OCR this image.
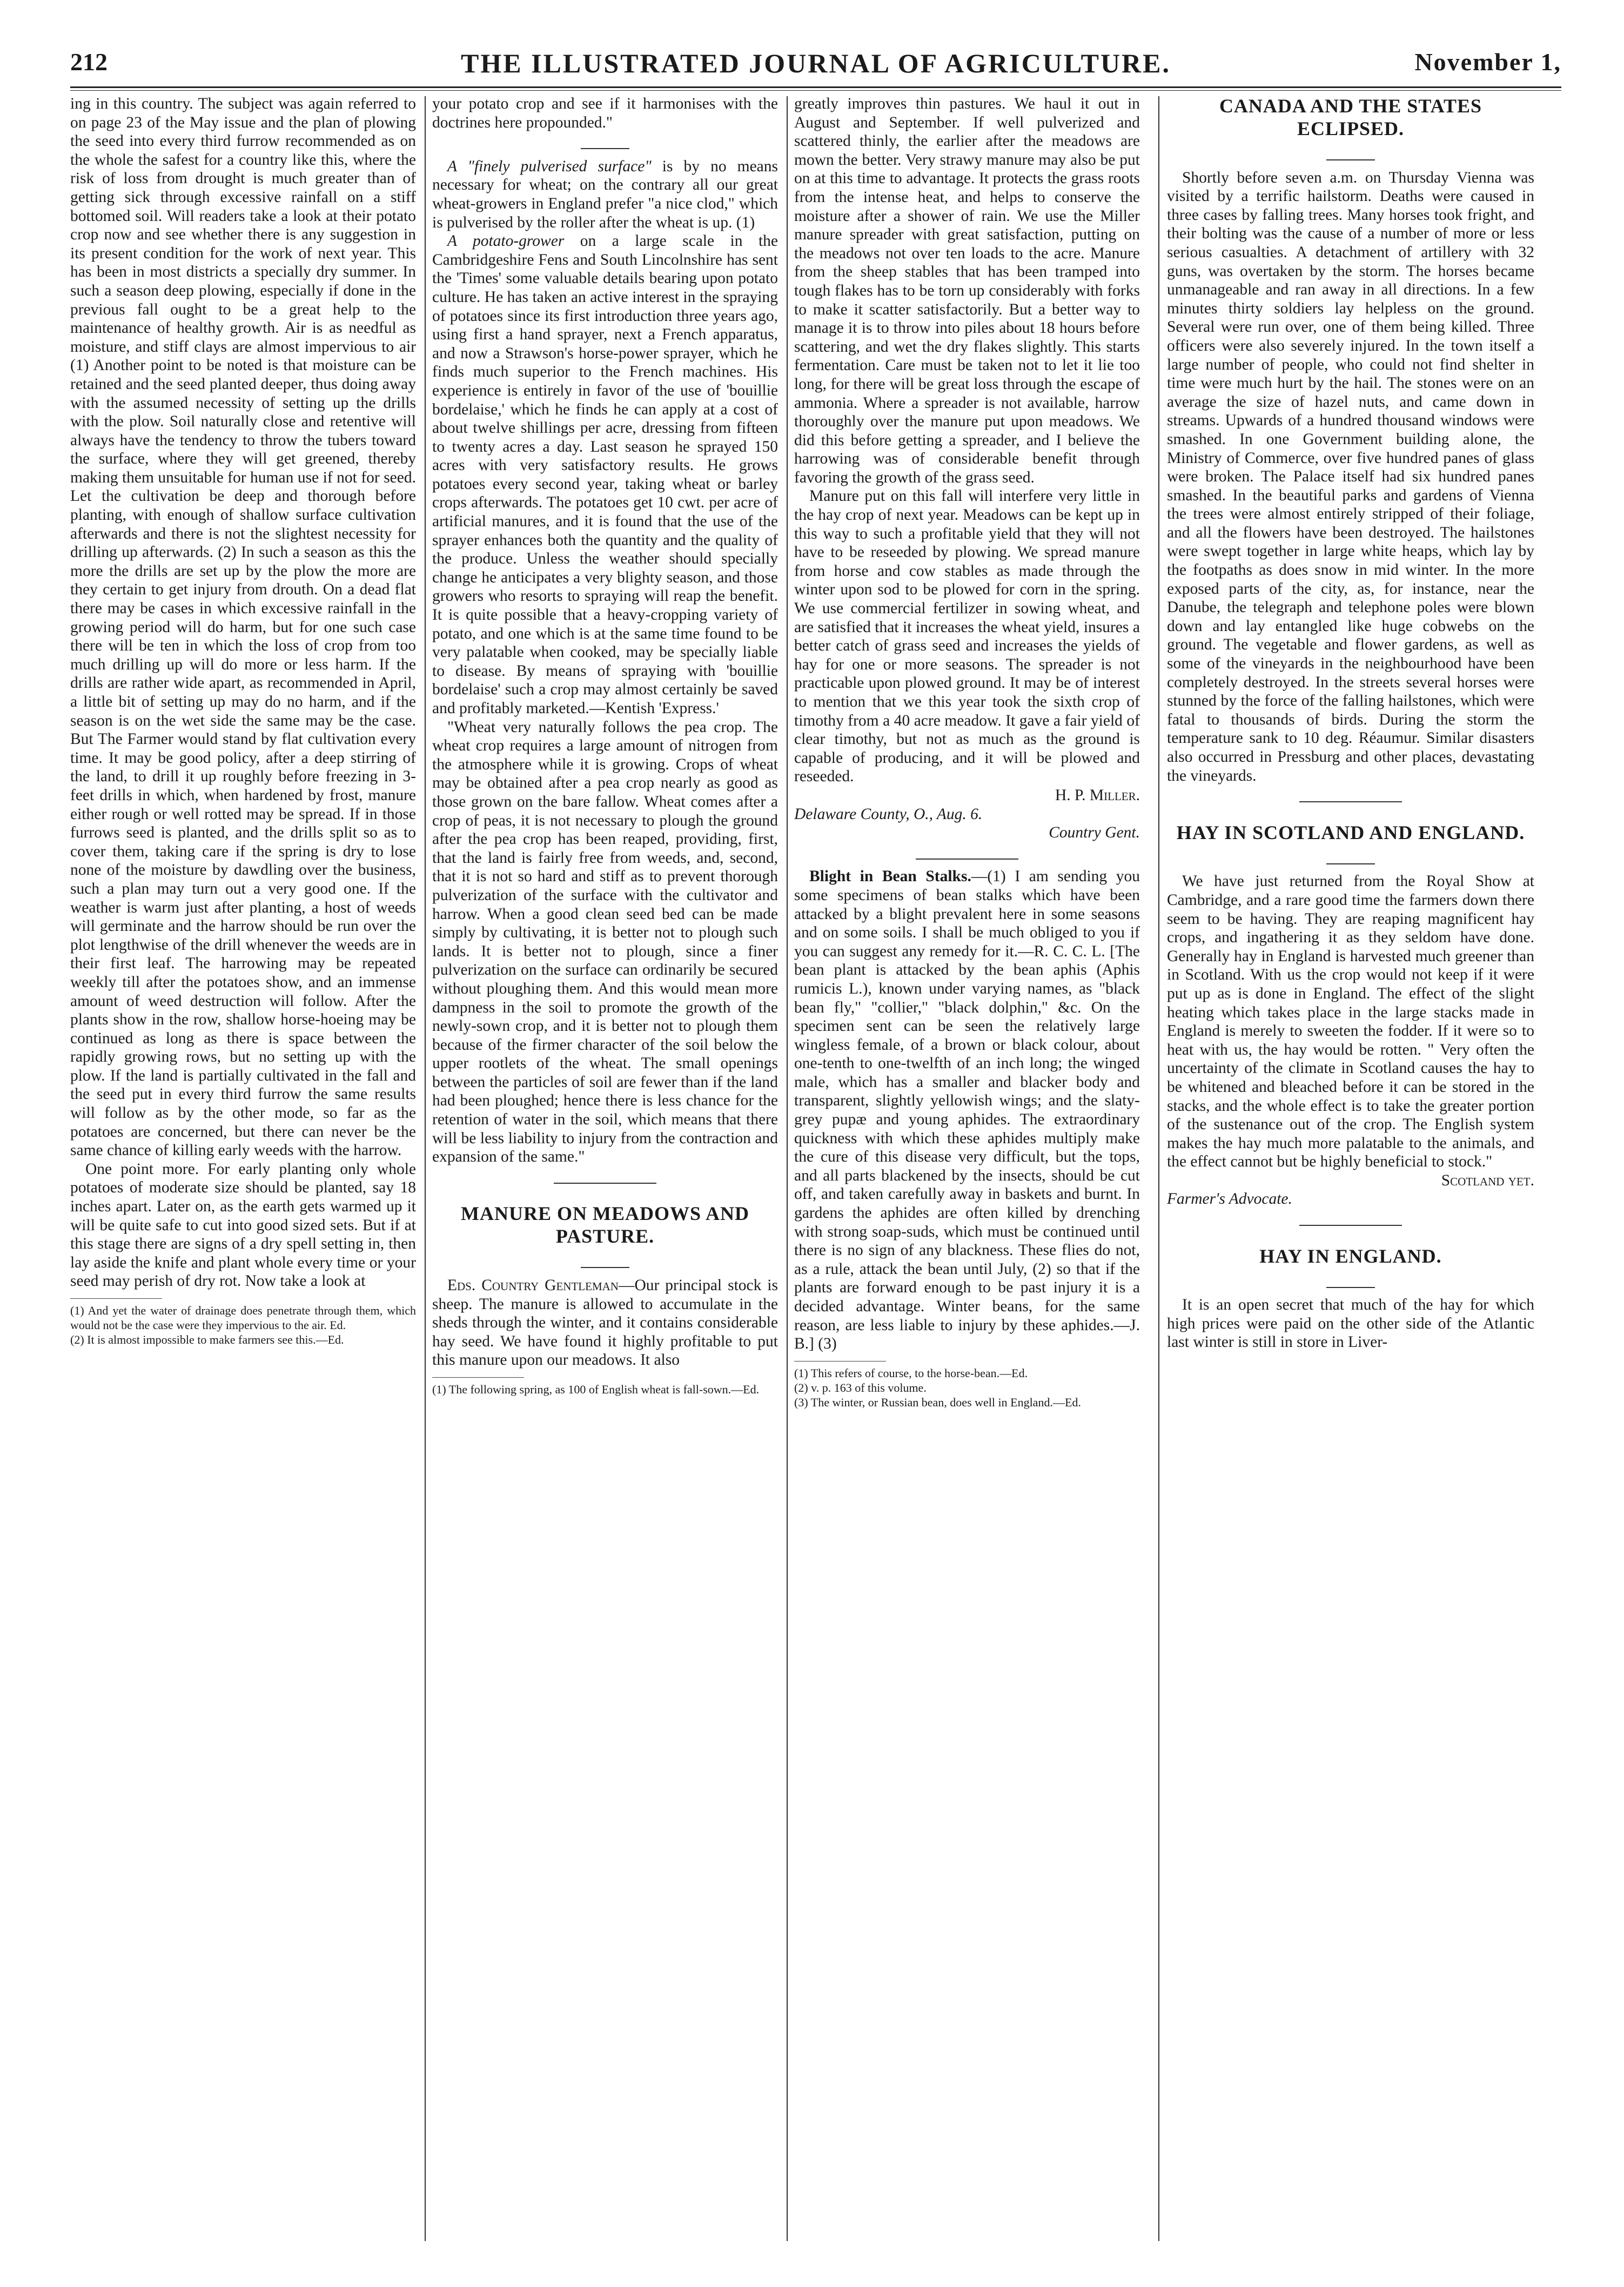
212	THE ILLUSTRATED JOURNAL OF AGRICULTURE.	November 1,

ing in this country. The subject was again referred to on page 23 of the May issue and the plan of plowing the seed into every third furrow recommended as on the whole the safest for a country like this, where the risk of loss from drought is much greater than of getting sick through excessive rainfall on a stiff bottomed soil. Will readers take a look at their potato crop now and see whether there is any suggestion in its present condition for the work of next year. This has been in most districts a specially dry summer. In such a season deep plowing, especially if done in the previous fall ought to be a great help to the maintenance of healthy growth. Air is as needful as moisture, and stiff clays are almost impervious to air (1) Another point to be noted is that moisture can be retained and the seed planted deeper, thus doing away with the assumed necessity of setting up the drills with the plow. Soil naturally close and retentive will always have the tendency to throw the tubers toward the surface, where they will get greened, thereby making them unsuitable for human use if not for seed. Let the cultivation be deep and thorough before planting, with enough of shallow surface cultivation afterwards and there is not the slightest necessity for drilling up afterwards. (2) In such a season as this the more the drills are set up by the plow the more are they certain to get injury from drouth. On a dead flat there may be cases in which excessive rainfall in the growing period will do harm, but for one such case there will be ten in which the loss of crop from too much drilling up will do more or less harm. If the drills are rather wide apart, as recommended in April, a little bit of setting up may do no harm, and if the season is on the wet side the same may be the case. But The Farmer would stand by flat cultivation every time. It may be good policy, after a deep stirring of the land, to drill it up roughly before freezing in 3-feet drills in which, when hardened by frost, manure either rough or well rotted may be spread. If in those furrows seed is planted, and the drills split so as to cover them, taking care if the spring is dry to lose none of the moisture by dawdling over the business, such a plan may turn out a very good one. If the weather is warm just after planting, a host of weeds will germinate and the harrow should be run over the plot lengthwise of the drill whenever the weeds are in their first leaf. The harrowing may be repeated weekly till after the potatoes show, and an immense amount of weed destruction will follow. After the plants show in the row, shallow horse-hoeing may be continued as long as there is space between the rapidly growing rows, but no setting up with the plow. If the land is partially cultivated in the fall and the seed put in every third furrow the same results will follow as by the other mode, so far as the potatoes are concerned, but there can never be the same chance of killing early weeds with the harrow.

One point more. For early planting only whole potatoes of moderate size should be planted, say 18 inches apart. Later on, as the earth gets warmed up it will be quite safe to cut into good sized sets. But if at this stage there are signs of a dry spell setting in, then lay aside the knife and plant whole every time or your seed may perish of dry rot. Now take a look at

(1) And yet the water of drainage does penetrate through them, which would not be the case were they impervious to the air. Ed.

(2) It is almost impossible to make farmers see this.—Ed.

your potato crop and see if it harmonises with the doctrines here propounded."

A "finely pulverised surface" is by no means necessary for wheat; on the contrary all our great wheat-growers in England prefer "a nice clod," which is pulverised by the roller after the wheat is up. (1)

A potato-grower on a large scale in the Cambridgeshire Fens and South Lincolnshire has sent the 'Times' some valuable details bearing upon potato culture. He has taken an active interest in the spraying of potatoes since its first introduction three years ago, using first a hand sprayer, next a French apparatus, and now a Strawson's horse-power sprayer, which he finds much superior to the French machines. His experience is entirely in favor of the use of 'bouillie bordelaise,' which he finds he can apply at a cost of about twelve shillings per acre, dressing from fifteen to twenty acres a day. Last season he sprayed 150 acres with very satisfactory results. He grows potatoes every second year, taking wheat or barley crops afterwards. The potatoes get 10 cwt. per acre of artificial manures, and it is found that the use of the sprayer enhances both the quantity and the quality of the produce. Unless the weather should specially change he anticipates a very blighty season, and those growers who resorts to spraying will reap the benefit. It is quite possible that a heavy-cropping variety of potato, and one which is at the same time found to be very palatable when cooked, may be specially liable to disease. By means of spraying with 'bouillie bordelaise' such a crop may almost certainly be saved and profitably marketed.—Kentish 'Express.'

"Wheat very naturally follows the pea crop. The wheat crop requires a large amount of nitrogen from the atmosphere while it is growing. Crops of wheat may be obtained after a pea crop nearly as good as those grown on the bare fallow. Wheat comes after a crop of peas, it is not necessary to plough the ground after the pea crop has been reaped, providing, first, that the land is fairly free from weeds, and, second, that it is not so hard and stiff as to prevent thorough pulverization of the surface with the cultivator and harrow. When a good clean seed bed can be made simply by cultivating, it is better not to plough such lands. It is better not to plough, since a finer pulverization on the surface can ordinarily be secured without ploughing them. And this would mean more dampness in the soil to promote the growth of the newly-sown crop, and it is better not to plough them because of the firmer character of the soil below the upper rootlets of the wheat. The small openings between the particles of soil are fewer than if the land had been ploughed; hence there is less chance for the retention of water in the soil, which means that there will be less liability to injury from the contraction and expansion of the same."

MANURE ON MEADOWS AND PASTURE.

Eds. Country Gentleman—Our principal stock is sheep. The manure is allowed to accumulate in the sheds through the winter, and it contains considerable hay seed. We have found it highly profitable to put this manure upon our meadows. It also

(1) The following spring, as 100 of English wheat is fall-sown.—Ed.

greatly improves thin pastures. We haul it out in August and September. If well pulverized and scattered thinly, the earlier after the meadows are mown the better. Very strawy manure may also be put on at this time to advantage. It protects the grass roots from the intense heat, and helps to conserve the moisture after a shower of rain. We use the Miller manure spreader with great satisfaction, putting on the meadows not over ten loads to the acre. Manure from the sheep stables that has been tramped into tough flakes has to be torn up considerably with forks to make it scatter satisfactorily. But a better way to manage it is to throw into piles about 18 hours before scattering, and wet the dry flakes slightly. This starts fermentation. Care must be taken not to let it lie too long, for there will be great loss through the escape of ammonia. Where a spreader is not available, harrow thoroughly over the manure put upon meadows. We did this before getting a spreader, and I believe the harrowing was of considerable benefit through favoring the growth of the grass seed.

Manure put on this fall will interfere very little in the hay crop of next year. Meadows can be kept up in this way to such a profitable yield that they will not have to be reseeded by plowing. We spread manure from horse and cow stables as made through the winter upon sod to be plowed for corn in the spring. We use commercial fertilizer in sowing wheat, and are satisfied that it increases the wheat yield, insures a better catch of grass seed and increases the yields of hay for one or more seasons. The spreader is not practicable upon plowed ground. It may be of interest to mention that we this year took the sixth crop of timothy from a 40 acre meadow. It gave a fair yield of clear timothy, but not as much as the ground is capable of producing, and it will be plowed and reseeded.

H. P. Miller.

Delaware County, O., Aug. 6.

Country Gent.

Blight in Bean Stalks.—(1) I am sending you some specimens of bean stalks which have been attacked by a blight prevalent here in some seasons and on some soils. I shall be much obliged to you if you can suggest any remedy for it.—R. C. C. L. [The bean plant is attacked by the bean aphis (Aphis rumicis L.), known under varying names, as "black bean fly," "collier," "black dolphin," &c. On the specimen sent can be seen the relatively large wingless female, of a brown or black colour, about one-tenth to one-twelfth of an inch long; the winged male, which has a smaller and blacker body and transparent, slightly yellowish wings; and the slaty-grey pupæ and young aphides. The extraordinary quickness with which these aphides multiply make the cure of this disease very difficult, but the tops, and all parts blackened by the insects, should be cut off, and taken carefully away in baskets and burnt. In gardens the aphides are often killed by drenching with strong soap-suds, which must be continued until there is no sign of any blackness. These flies do not, as a rule, attack the bean until July, (2) so that if the plants are forward enough to be past injury it is a decided advantage. Winter beans, for the same reason, are less liable to injury by these aphides.—J. B.] (3)

(1) This refers of course, to the horse-bean.—Ed.

(2) v. p. 163 of this volume.

(3) The winter, or Russian bean, does well in England.—Ed.

CANADA AND THE STATES ECLIPSED.

Shortly before seven a.m. on Thursday Vienna was visited by a terrific hailstorm. Deaths were caused in three cases by falling trees. Many horses took fright, and their bolting was the cause of a number of more or less serious casualties. A detachment of artillery with 32 guns, was overtaken by the storm. The horses became unmanageable and ran away in all directions. In a few minutes thirty soldiers lay helpless on the ground. Several were run over, one of them being killed. Three officers were also severely injured. In the town itself a large number of people, who could not find shelter in time were much hurt by the hail. The stones were on an average the size of hazel nuts, and came down in streams. Upwards of a hundred thousand windows were smashed. In one Government building alone, the Ministry of Commerce, over five hundred panes of glass were broken. The Palace itself had six hundred panes smashed. In the beautiful parks and gardens of Vienna the trees were almost entirely stripped of their foliage, and all the flowers have been destroyed. The hailstones were swept together in large white heaps, which lay by the footpaths as does snow in mid winter. In the more exposed parts of the city, as, for instance, near the Danube, the telegraph and telephone poles were blown down and lay entangled like huge cobwebs on the ground. The vegetable and flower gardens, as well as some of the vineyards in the neighbourhood have been completely destroyed. In the streets several horses were stunned by the force of the falling hailstones, which were fatal to thousands of birds. During the storm the temperature sank to 10 deg. Réaumur. Similar disasters also occurred in Pressburg and other places, devastating the vineyards.

HAY IN SCOTLAND AND ENGLAND.

We have just returned from the Royal Show at Cambridge, and a rare good time the farmers down there seem to be having. They are reaping magnificent hay crops, and ingathering it as they seldom have done. Generally hay in England is harvested much greener than in Scotland. With us the crop would not keep if it were put up as is done in England. The effect of the slight heating which takes place in the large stacks made in England is merely to sweeten the fodder. If it were so to heat with us, the hay would be rotten. " Very often the uncertainty of the climate in Scotland causes the hay to be whitened and bleached before it can be stored in the stacks, and the whole effect is to take the greater portion of the sustenance out of the crop. The English system makes the hay much more palatable to the animals, and the effect cannot but be highly beneficial to stock."

Scotland yet.

Farmer's Advocate.

HAY IN ENGLAND.

It is an open secret that much of the hay for which high prices were paid on the other side of the Atlantic last winter is still in store in Liver-
